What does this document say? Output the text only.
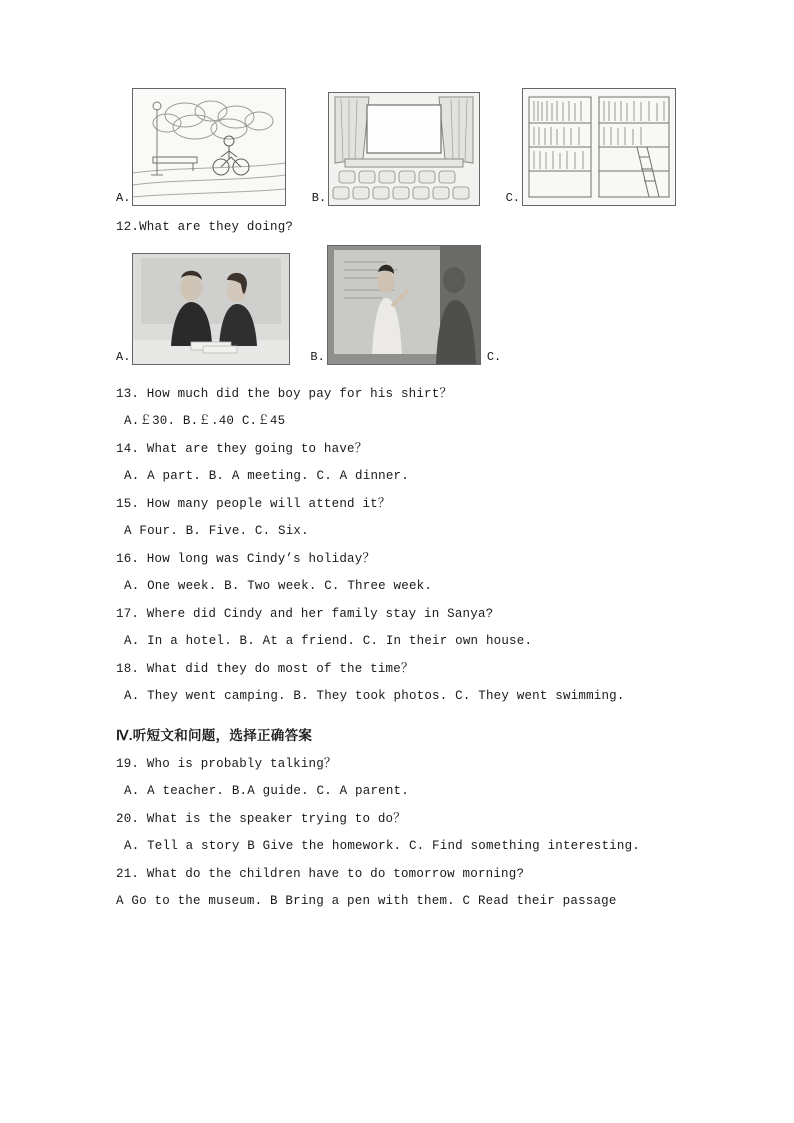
A.	B.	C.

12.What are they doing?

A.	B.	C.

13. How much did the boy pay for his shirt？

A.￡30. B.￡.40 C.￡45

14. What are they going to have？

A. A part. B. A meeting. C. A dinner.

15. How many people will attend it？

A Four. B. Five. C. Six.

16. How long was Cindy’s holiday？

A. One week. B. Two week. C. Three week.

17. Where did Cindy and her family stay in Sanya?

A. In a hotel. B. At a friend. C. In their own house.

18. What did they do most of the time？

A. They went camping. B. They took photos. C. They went swimming.

Ⅳ.听短文和问题，选择正确答案

19. Who is probably talking？

A. A teacher. B.A guide. C. A parent.

20. What is the speaker trying to do？

A. Tell a story B Give the homework. C. Find something interesting.

21. What do the children have to do tomorrow morning?

A Go to the museum. B Bring a pen with them. C Read their passage
